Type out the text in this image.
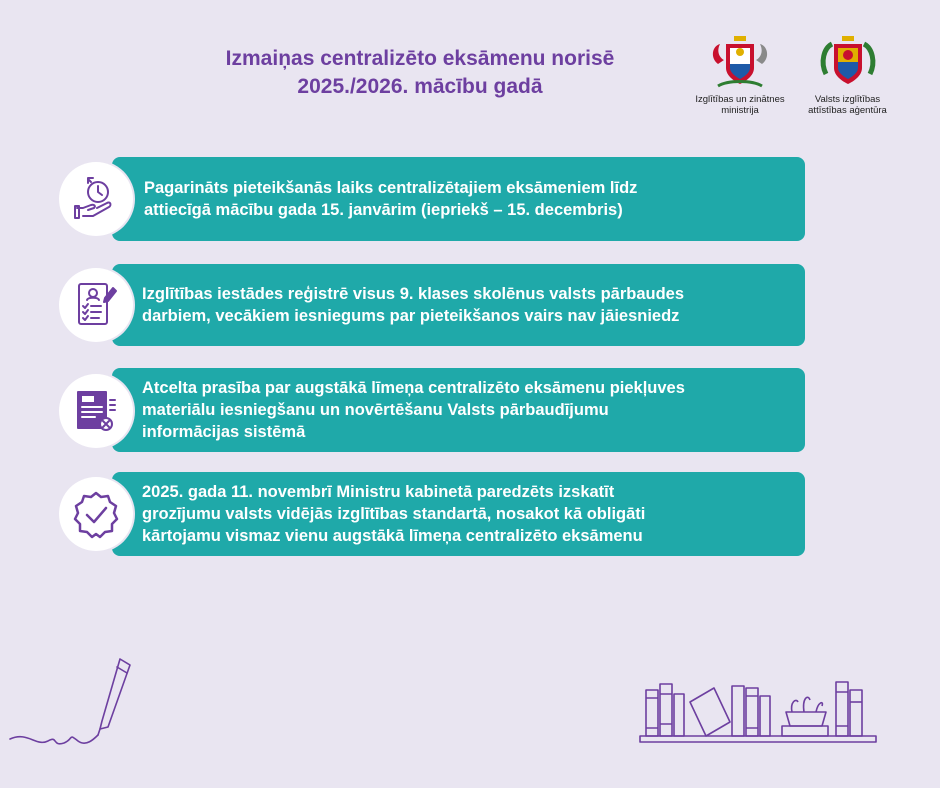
Izmaiņas centralizēto eksāmenu norisē
2025./2026. mācību gadā
Izglītības un zinātnes
ministrija
Valsts izglītības
attīstības aģentūra
Pagarināts pieteikšanās laiks centralizētajiem eksāmeniem līdz
attiecīgā mācību gada 15. janvārim (iepriekš – 15. decembris)
Izglītības iestādes reģistrē visus 9. klases skolēnus valsts pārbaudes
darbiem, vecākiem iesniegums par pieteikšanos vairs nav jāiesniedz
Atcelta prasība par augstākā līmeņa centralizēto eksāmenu piekļuves
materiālu iesniegšanu un novērtēšanu Valsts pārbaudījumu
informācijas sistēmā
2025. gada 11. novembrī Ministru kabinetā paredzēts izskatīt
grozījumu valsts vidējās izglītības standartā, nosakot kā obligāti
kārtojamu vismaz vienu augstākā līmeņa centralizēto eksāmenu
